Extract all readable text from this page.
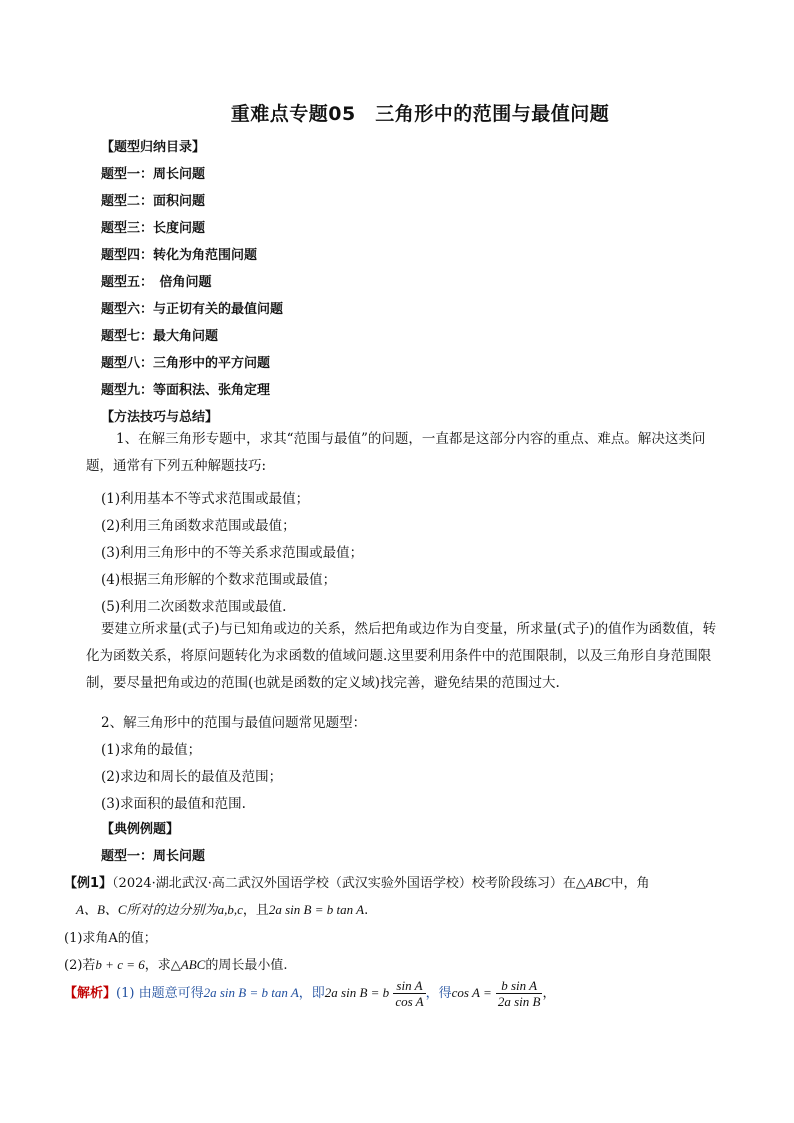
重难点专题05　三角形中的范围与最值问题
【题型归纳目录】
题型一：周长问题
题型二：面积问题
题型三：长度问题
题型四：转化为角范围问题
题型五：　倍角问题
题型六：与正切有关的最值问题
题型七：最大角问题
题型八：三角形中的平方问题
题型九：等面积法、张角定理
【方法技巧与总结】
1、在解三角形专题中，求其“范围与最值”的问题，一直都是这部分内容的重点、难点。解决这类问题，通常有下列五种解题技巧:
(1)利用基本不等式求范围或最值；
(2)利用三角函数求范围或最值；
(3)利用三角形中的不等关系求范围或最值；
(4)根据三角形解的个数求范围或最值；
(5)利用二次函数求范围或最值.
要建立所求量(式子)与已知角或边的关系，然后把角或边作为自变量，所求量(式子)的值作为函数值，转化为函数关系，将原问题转化为求函数的值域问题.这里要利用条件中的范围限制，以及三角形自身范围限制，要尽量把角或边的范围(也就是函数的定义域)找完善，避免结果的范围过大.
2、解三角形中的范围与最值问题常见题型：
(1)求角的最值；
(2)求边和周长的最值及范围；
(3)求面积的最值和范围.
【典例例题】
题型一：周长问题
【例1】（2024·湖北武汉·高二武汉外国语学校（武汉实验外国语学校）校考阶段练习）在△ABC中，角
A、B、C所对的边分别为a,b,c，且2a sin B = b tan A.
(1)求角A的值；
(2)若b + c = 6，求△ABC的周长最小值.
【解析】(1) 由题意可得2a sin B = b tan A，即2a sin B = b $\frac{\text{sin A}}{\text{cos A}}$ ，得$\cos A = \frac{\text{b sin A}}{\text{2a sin B}}$ ，
